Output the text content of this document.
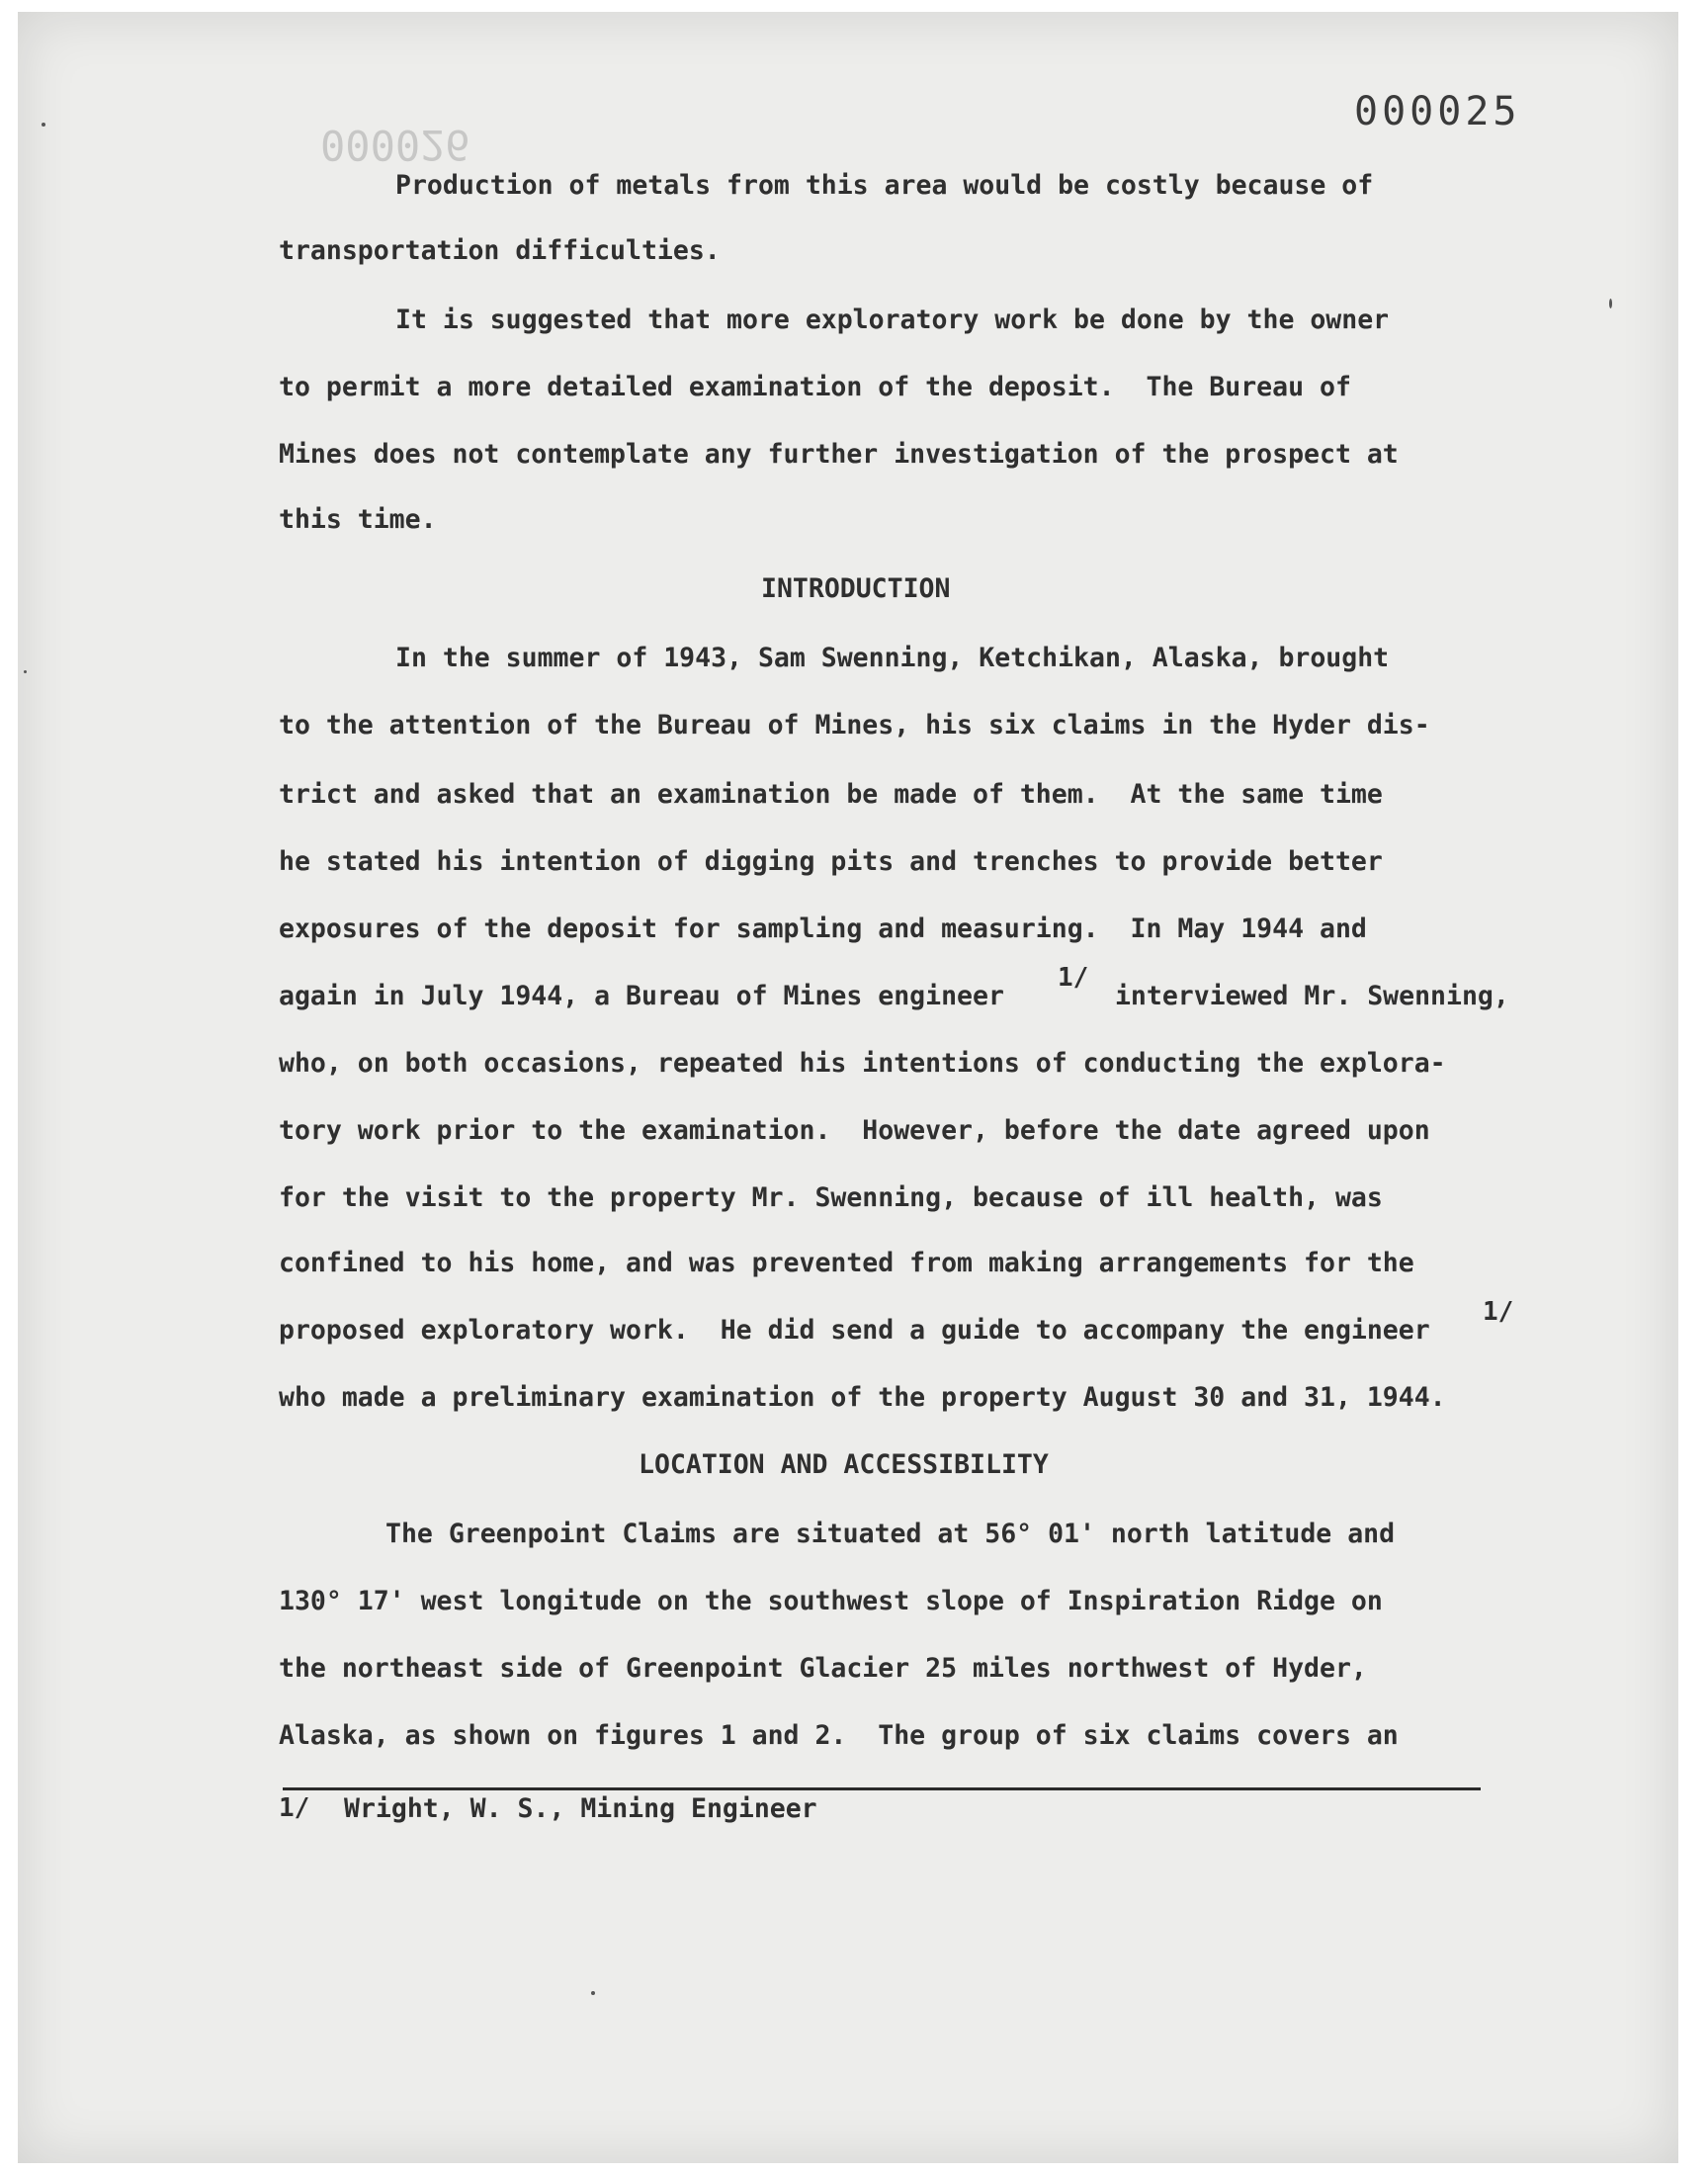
000025
000026
Production of metals from this area would be costly because of
transportation difficulties.
It is suggested that more exploratory work be done by the owner
to permit a more detailed examination of the deposit.  The Bureau of
Mines does not contemplate any further investigation of the prospect at
this time.
INTRODUCTION
In the summer of 1943, Sam Swenning, Ketchikan, Alaska, brought
to the attention of the Bureau of Mines, his six claims in the Hyder dis-
trict and asked that an examination be made of them.  At the same time
he stated his intention of digging pits and trenches to provide better
exposures of the deposit for sampling and measuring.  In May 1944 and
again in July 1944, a Bureau of Mines engineer
1/
interviewed Mr. Swenning,
who, on both occasions, repeated his intentions of conducting the explora-
tory work prior to the examination.  However, before the date agreed upon
for the visit to the property Mr. Swenning, because of ill health, was
confined to his home, and was prevented from making arrangements for the
proposed exploratory work.  He did send a guide to accompany the engineer
1/
who made a preliminary examination of the property August 30 and 31, 1944.
LOCATION AND ACCESSIBILITY
The Greenpoint Claims are situated at 56° 01' north latitude and
130° 17' west longitude on the southwest slope of Inspiration Ridge on
the northeast side of Greenpoint Glacier 25 miles northwest of Hyder,
Alaska, as shown on figures 1 and 2.  The group of six claims covers an
1/ Wright, W. S., Mining Engineer
